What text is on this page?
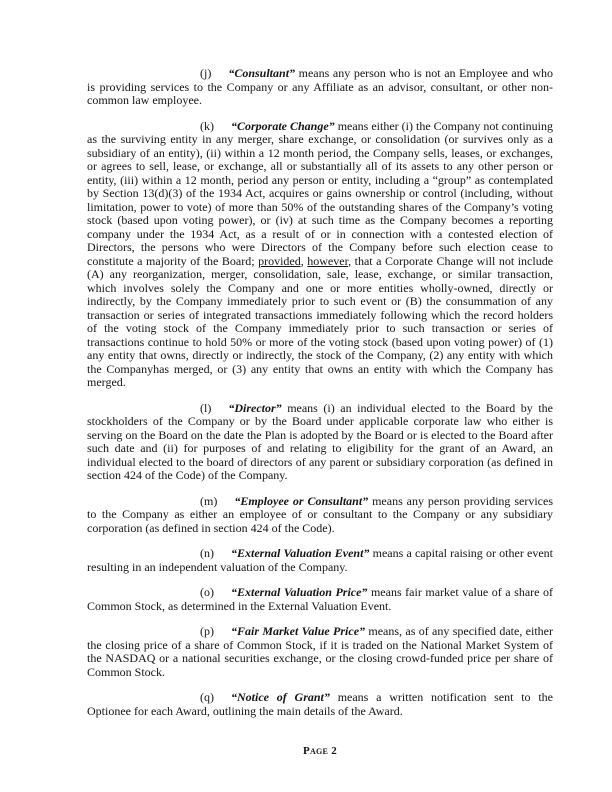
(j) “Consultant” means any person who is not an Employee and who is providing services to the Company or any Affiliate as an advisor, consultant, or other non-common law employee.

(k) “Corporate Change” means either (i) the Company not continuing as the surviving entity in any merger, share exchange, or consolidation (or survives only as a subsidiary of an entity), (ii) within a 12 month period, the Company sells, leases, or exchanges, or agrees to sell, lease, or exchange, all or substantially all of its assets to any other person or entity, (iii) within a 12 month, period any person or entity, including a “group” as contemplated by Section 13(d)(3) of the 1934 Act, acquires or gains ownership or control (including, without limitation, power to vote) of more than 50% of the outstanding shares of the Company’s voting stock (based upon voting power), or (iv) at such time as the Company becomes a reporting company under the 1934 Act, as a result of or in connection with a contested election of Directors, the persons who were Directors of the Company before such election cease to constitute a majority of the Board; provided, however, that a Corporate Change will not include (A) any reorganization, merger, consolidation, sale, lease, exchange, or similar transaction, which involves solely the Company and one or more entities wholly-owned, directly or indirectly, by the Company immediately prior to such event or (B) the consummation of any transaction or series of integrated transactions immediately following which the record holders of the voting stock of the Company immediately prior to such transaction or series of transactions continue to hold 50% or more of the voting stock (based upon voting power) of (1) any entity that owns, directly or indirectly, the stock of the Company, (2) any entity with which the Companyhas merged, or (3) any entity that owns an entity with which the Company has merged.

(l) “Director” means (i) an individual elected to the Board by the stockholders of the Company or by the Board under applicable corporate law who either is serving on the Board on the date the Plan is adopted by the Board or is elected to the Board after such date and (ii) for purposes of and relating to eligibility for the grant of an Award, an individual elected to the board of directors of any parent or subsidiary corporation (as defined in section 424 of the Code) of the Company.

(m) “Employee or Consultant” means any person providing services to the Company as either an employee of or consultant to the Company or any subsidiary corporation (as defined in section 424 of the Code).

(n) “External Valuation Event” means a capital raising or other event resulting in an independent valuation of the Company.

(o) “External Valuation Price” means fair market value of a share of Common Stock, as determined in the External Valuation Event.

(p) “Fair Market Value Price” means, as of any specified date, either the closing price of a share of Common Stock, if it is traded on the National Market System of the NASDAQ or a national securities exchange, or the closing crowd-funded price per share of Common Stock.

(q) “Notice of Grant” means a written notification sent to the Optionee for each Award, outlining the main details of the Award.

Page 2
